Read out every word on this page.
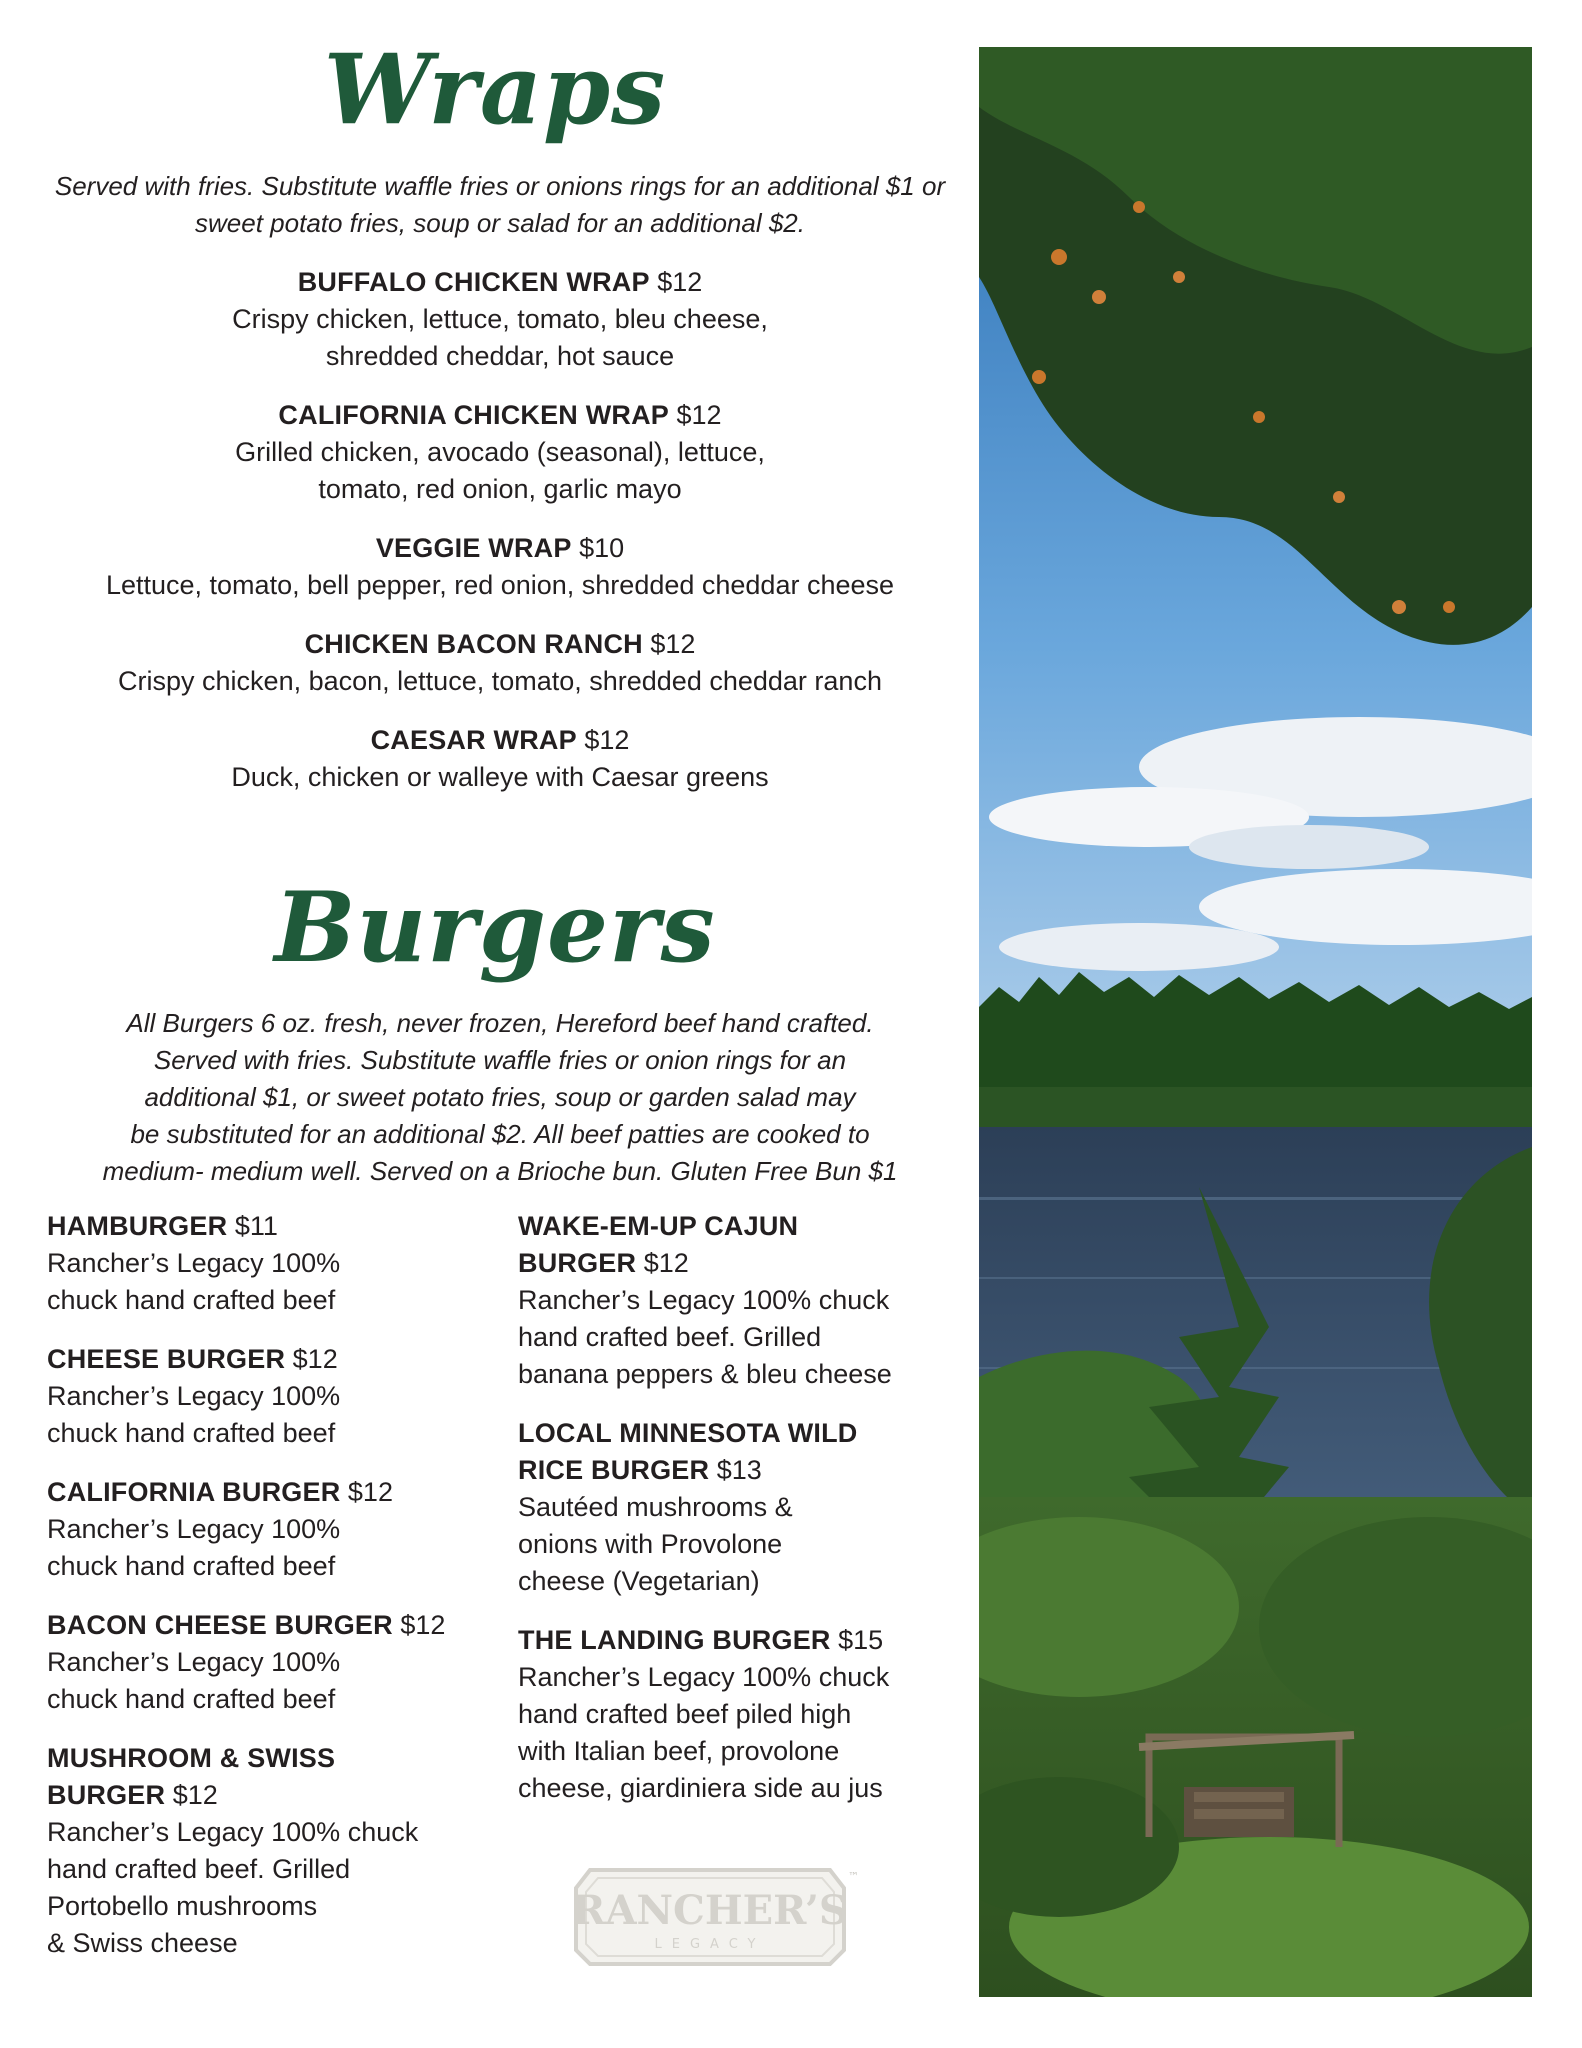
Wraps
Served with fries. Substitute waffle fries or onions rings for an additional $1 or sweet potato fries, soup or salad for an additional $2.
BUFFALO CHICKEN WRAP $12
Crispy chicken, lettuce, tomato, bleu cheese,
shredded cheddar, hot sauce
CALIFORNIA CHICKEN WRAP $12
Grilled chicken, avocado (seasonal), lettuce,
tomato, red onion, garlic mayo
VEGGIE WRAP $10
Lettuce, tomato, bell pepper, red onion, shredded cheddar cheese
CHICKEN BACON RANCH $12
Crispy chicken, bacon, lettuce, tomato, shredded cheddar ranch
CAESAR WRAP $12
Duck, chicken or walleye with Caesar greens
Burgers
All Burgers 6 oz. fresh, never frozen, Hereford beef hand crafted.
Served with fries. Substitute waffle fries or onion rings for an
additional $1, or sweet potato fries, soup or garden salad may
be substituted for an additional $2. All beef patties are cooked to
medium- medium well. Served on a Brioche bun. Gluten Free Bun $1
HAMBURGER $11
Rancher’s Legacy 100%
chuck hand crafted beef
CHEESE BURGER $12
Rancher’s Legacy 100%
chuck hand crafted beef
CALIFORNIA BURGER $12
Rancher’s Legacy 100%
chuck hand crafted beef
BACON CHEESE BURGER $12
Rancher’s Legacy 100%
chuck hand crafted beef
MUSHROOM & SWISS
BURGER $12
Rancher’s Legacy 100% chuck
hand crafted beef. Grilled
Portobello mushrooms
& Swiss cheese
WAKE-EM-UP CAJUN
BURGER $12
Rancher’s Legacy 100% chuck
hand crafted beef. Grilled
banana peppers & bleu cheese
LOCAL MINNESOTA WILD
RICE BURGER $13
Sautéed mushrooms &
onions with Provolone
cheese (Vegetarian)
THE LANDING BURGER $15
Rancher’s Legacy 100% chuck
hand crafted beef piled high
with Italian beef, provolone
cheese, giardiniera side au jus
RANCHER’S
LEGACY
™
